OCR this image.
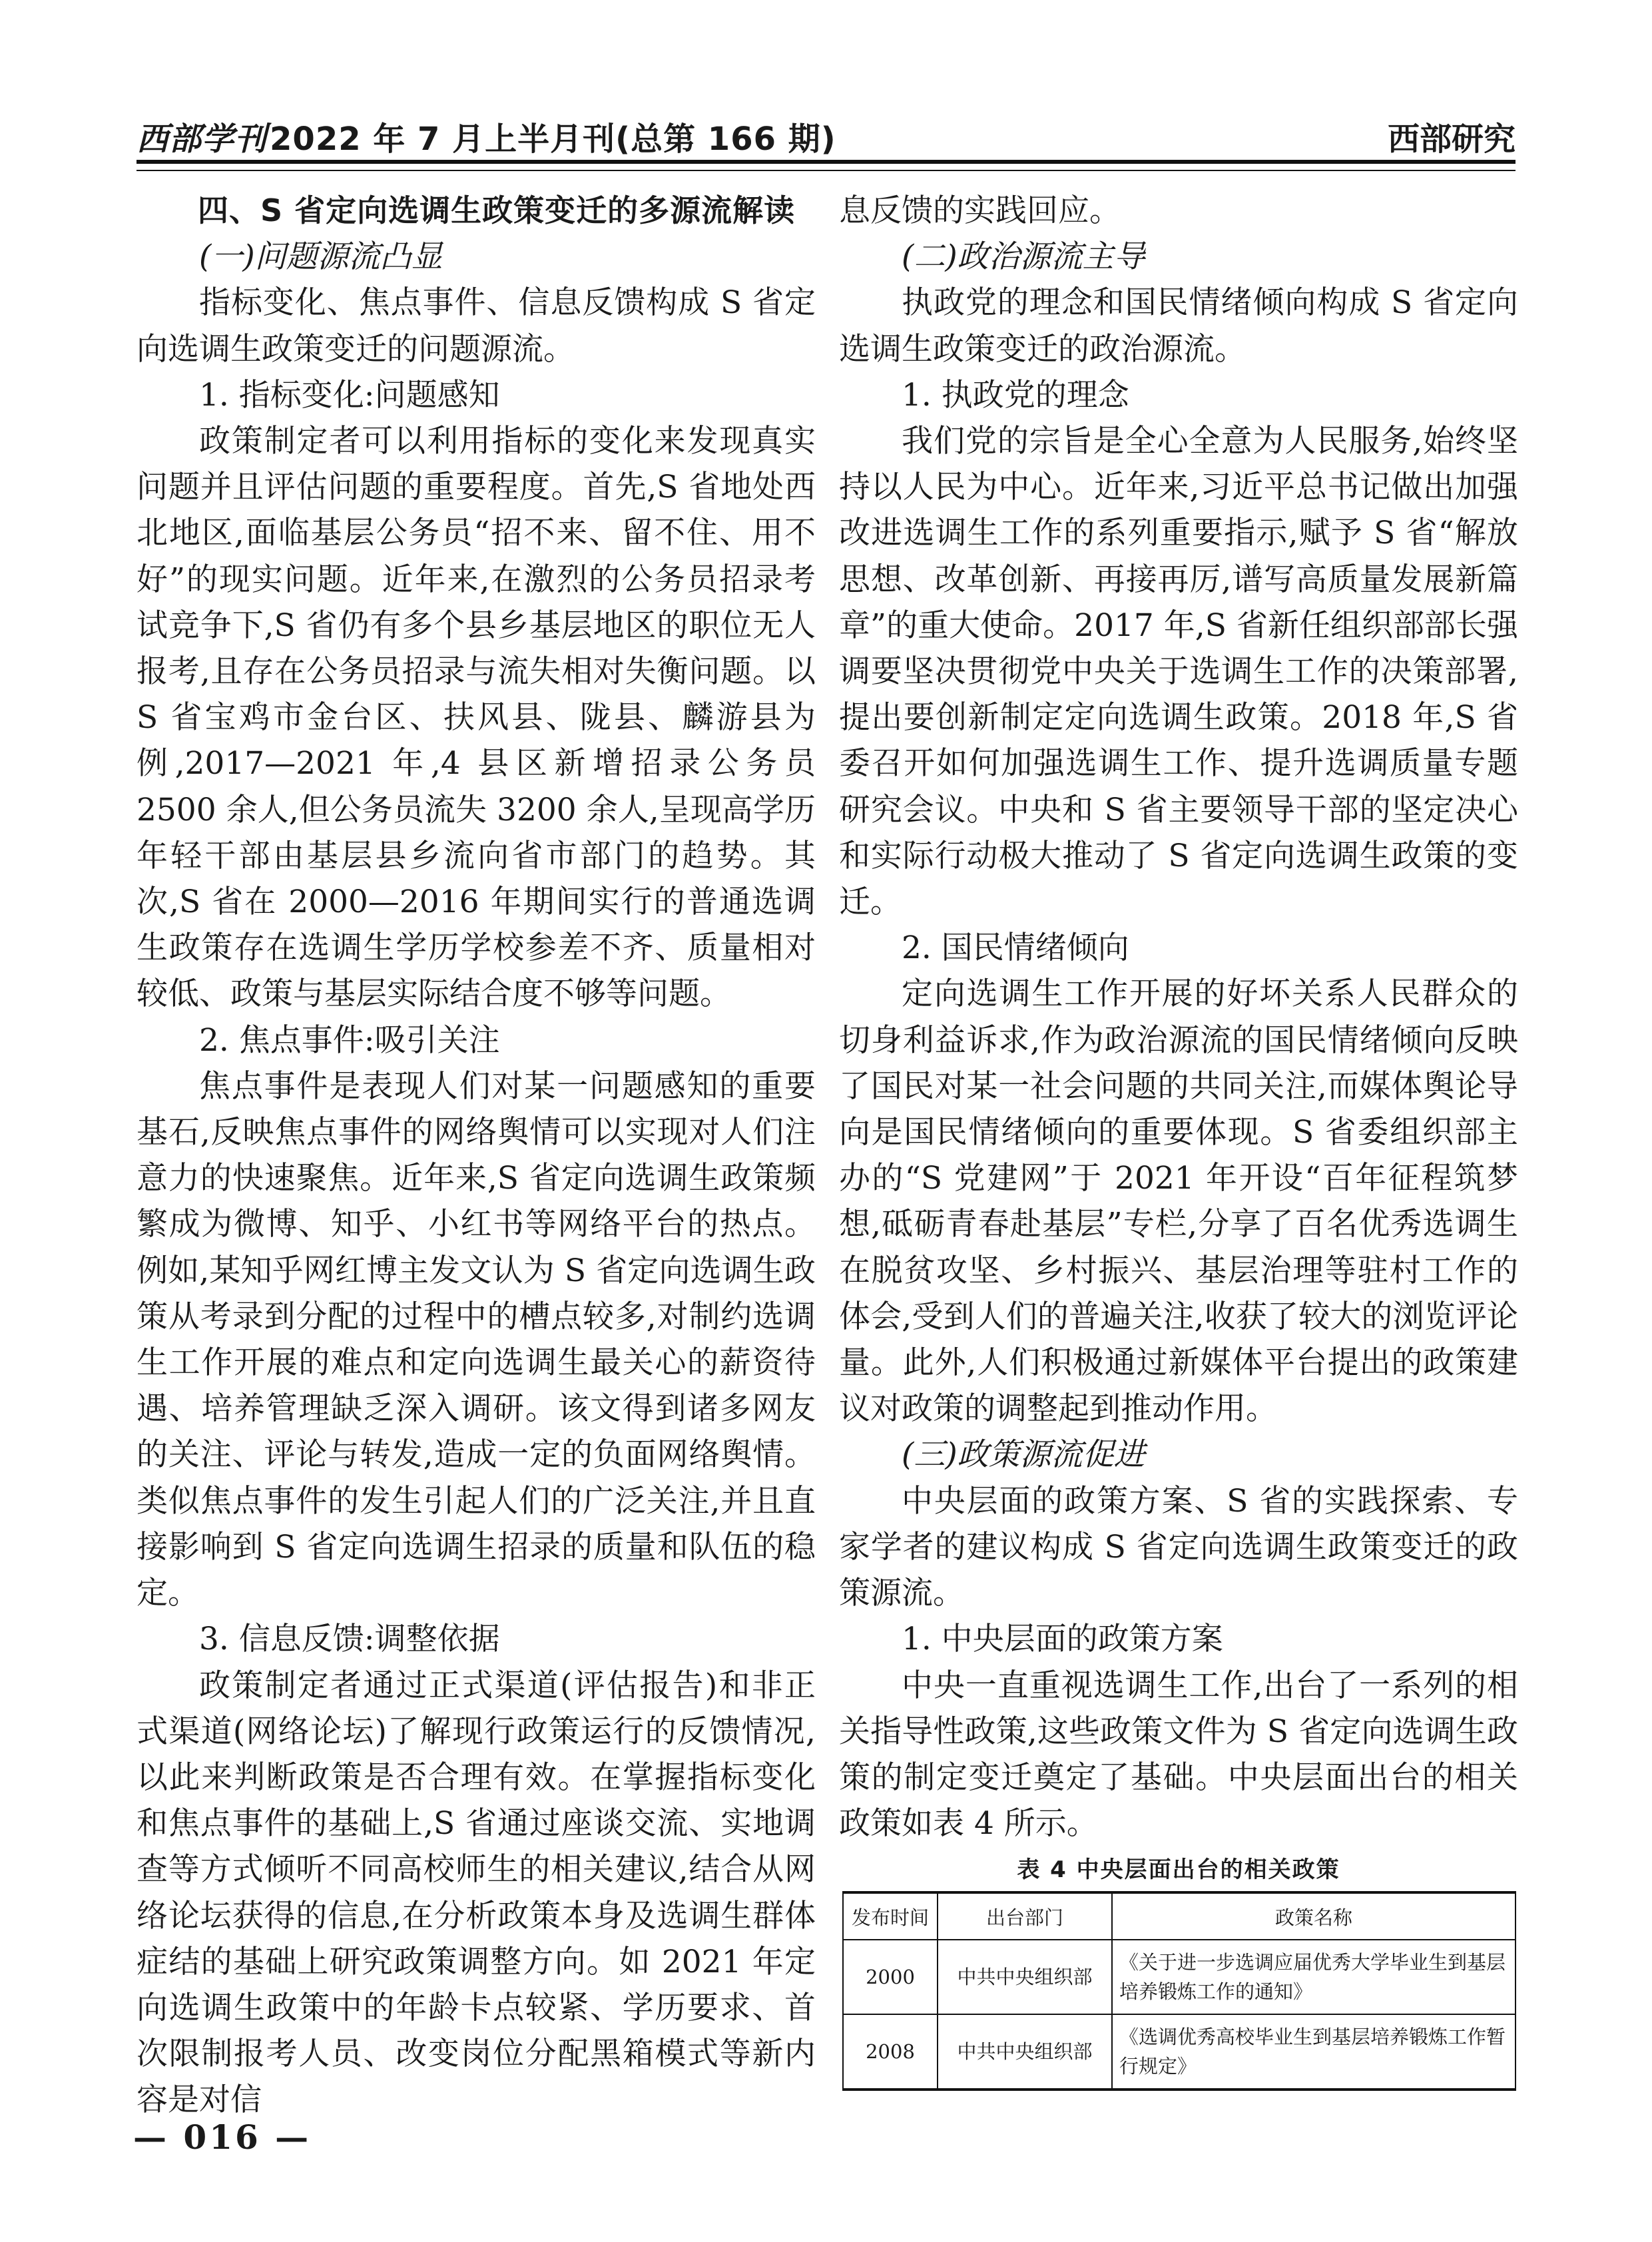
西部学刊2022 年 7 月上半月刊(总第 166 期)	西部研究

四、S 省定向选调生政策变迁的多源流解读

(一)问题源流凸显

指标变化、焦点事件、信息反馈构成 S 省定向选调生政策变迁的问题源流。

1. 指标变化:问题感知

政策制定者可以利用指标的变化来发现真实问题并且评估问题的重要程度。首先,S 省地处西北地区,面临基层公务员“招不来、留不住、用不好”的现实问题。近年来,在激烈的公务员招录考试竞争下,S 省仍有多个县乡基层地区的职位无人报考,且存在公务员招录与流失相对失衡问题。以 S 省宝鸡市金台区、扶风县、陇县、麟游县为例,2017—2021 年,4 县区新增招录公务员 2500 余人,但公务员流失 3200 余人,呈现高学历年轻干部由基层县乡流向省市部门的趋势。其次,S 省在 2000—2016 年期间实行的普通选调生政策存在选调生学历学校参差不齐、质量相对较低、政策与基层实际结合度不够等问题。

2. 焦点事件:吸引关注

焦点事件是表现人们对某一问题感知的重要基石,反映焦点事件的网络舆情可以实现对人们注意力的快速聚焦。近年来,S 省定向选调生政策频繁成为微博、知乎、小红书等网络平台的热点。例如,某知乎网红博主发文认为 S 省定向选调生政策从考录到分配的过程中的槽点较多,对制约选调生工作开展的难点和定向选调生最关心的薪资待遇、培养管理缺乏深入调研。该文得到诸多网友的关注、评论与转发,造成一定的负面网络舆情。类似焦点事件的发生引起人们的广泛关注,并且直接影响到 S 省定向选调生招录的质量和队伍的稳定。

3. 信息反馈:调整依据

政策制定者通过正式渠道(评估报告)和非正式渠道(网络论坛)了解现行政策运行的反馈情况,以此来判断政策是否合理有效。在掌握指标变化和焦点事件的基础上,S 省通过座谈交流、实地调查等方式倾听不同高校师生的相关建议,结合从网络论坛获得的信息,在分析政策本身及选调生群体症结的基础上研究政策调整方向。如 2021 年定向选调生政策中的年龄卡点较紧、学历要求、首次限制报考人员、改变岗位分配黑箱模式等新内容是对信

息反馈的实践回应。

(二)政治源流主导

执政党的理念和国民情绪倾向构成 S 省定向选调生政策变迁的政治源流。

1. 执政党的理念

我们党的宗旨是全心全意为人民服务,始终坚持以人民为中心。近年来,习近平总书记做出加强改进选调生工作的系列重要指示,赋予 S 省“解放思想、改革创新、再接再厉,谱写高质量发展新篇章”的重大使命。2017 年,S 省新任组织部部长强调要坚决贯彻党中央关于选调生工作的决策部署,提出要创新制定定向选调生政策。2018 年,S 省委召开如何加强选调生工作、提升选调质量专题研究会议。中央和 S 省主要领导干部的坚定决心和实际行动极大推动了 S 省定向选调生政策的变迁。

2. 国民情绪倾向

定向选调生工作开展的好坏关系人民群众的切身利益诉求,作为政治源流的国民情绪倾向反映了国民对某一社会问题的共同关注,而媒体舆论导向是国民情绪倾向的重要体现。S 省委组织部主办的“S 党建网”于 2021 年开设“百年征程筑梦想,砥砺青春赴基层”专栏,分享了百名优秀选调生在脱贫攻坚、乡村振兴、基层治理等驻村工作的体会,受到人们的普遍关注,收获了较大的浏览评论量。此外,人们积极通过新媒体平台提出的政策建议对政策的调整起到推动作用。

(三)政策源流促进

中央层面的政策方案、S 省的实践探索、专家学者的建议构成 S 省定向选调生政策变迁的政策源流。

1. 中央层面的政策方案

中央一直重视选调生工作,出台了一系列的相关指导性政策,这些政策文件为 S 省定向选调生政策的制定变迁奠定了基础。中央层面出台的相关政策如表 4 所示。

表 4 中央层面出台的相关政策
发布时间	出台部门	政策名称
2000	中共中央组织部	《关于进一步选调应届优秀大学毕业生到基层培养锻炼工作的通知》
2008	中共中央组织部	《选调优秀高校毕业生到基层培养锻炼工作暂行规定》
— 016 —
